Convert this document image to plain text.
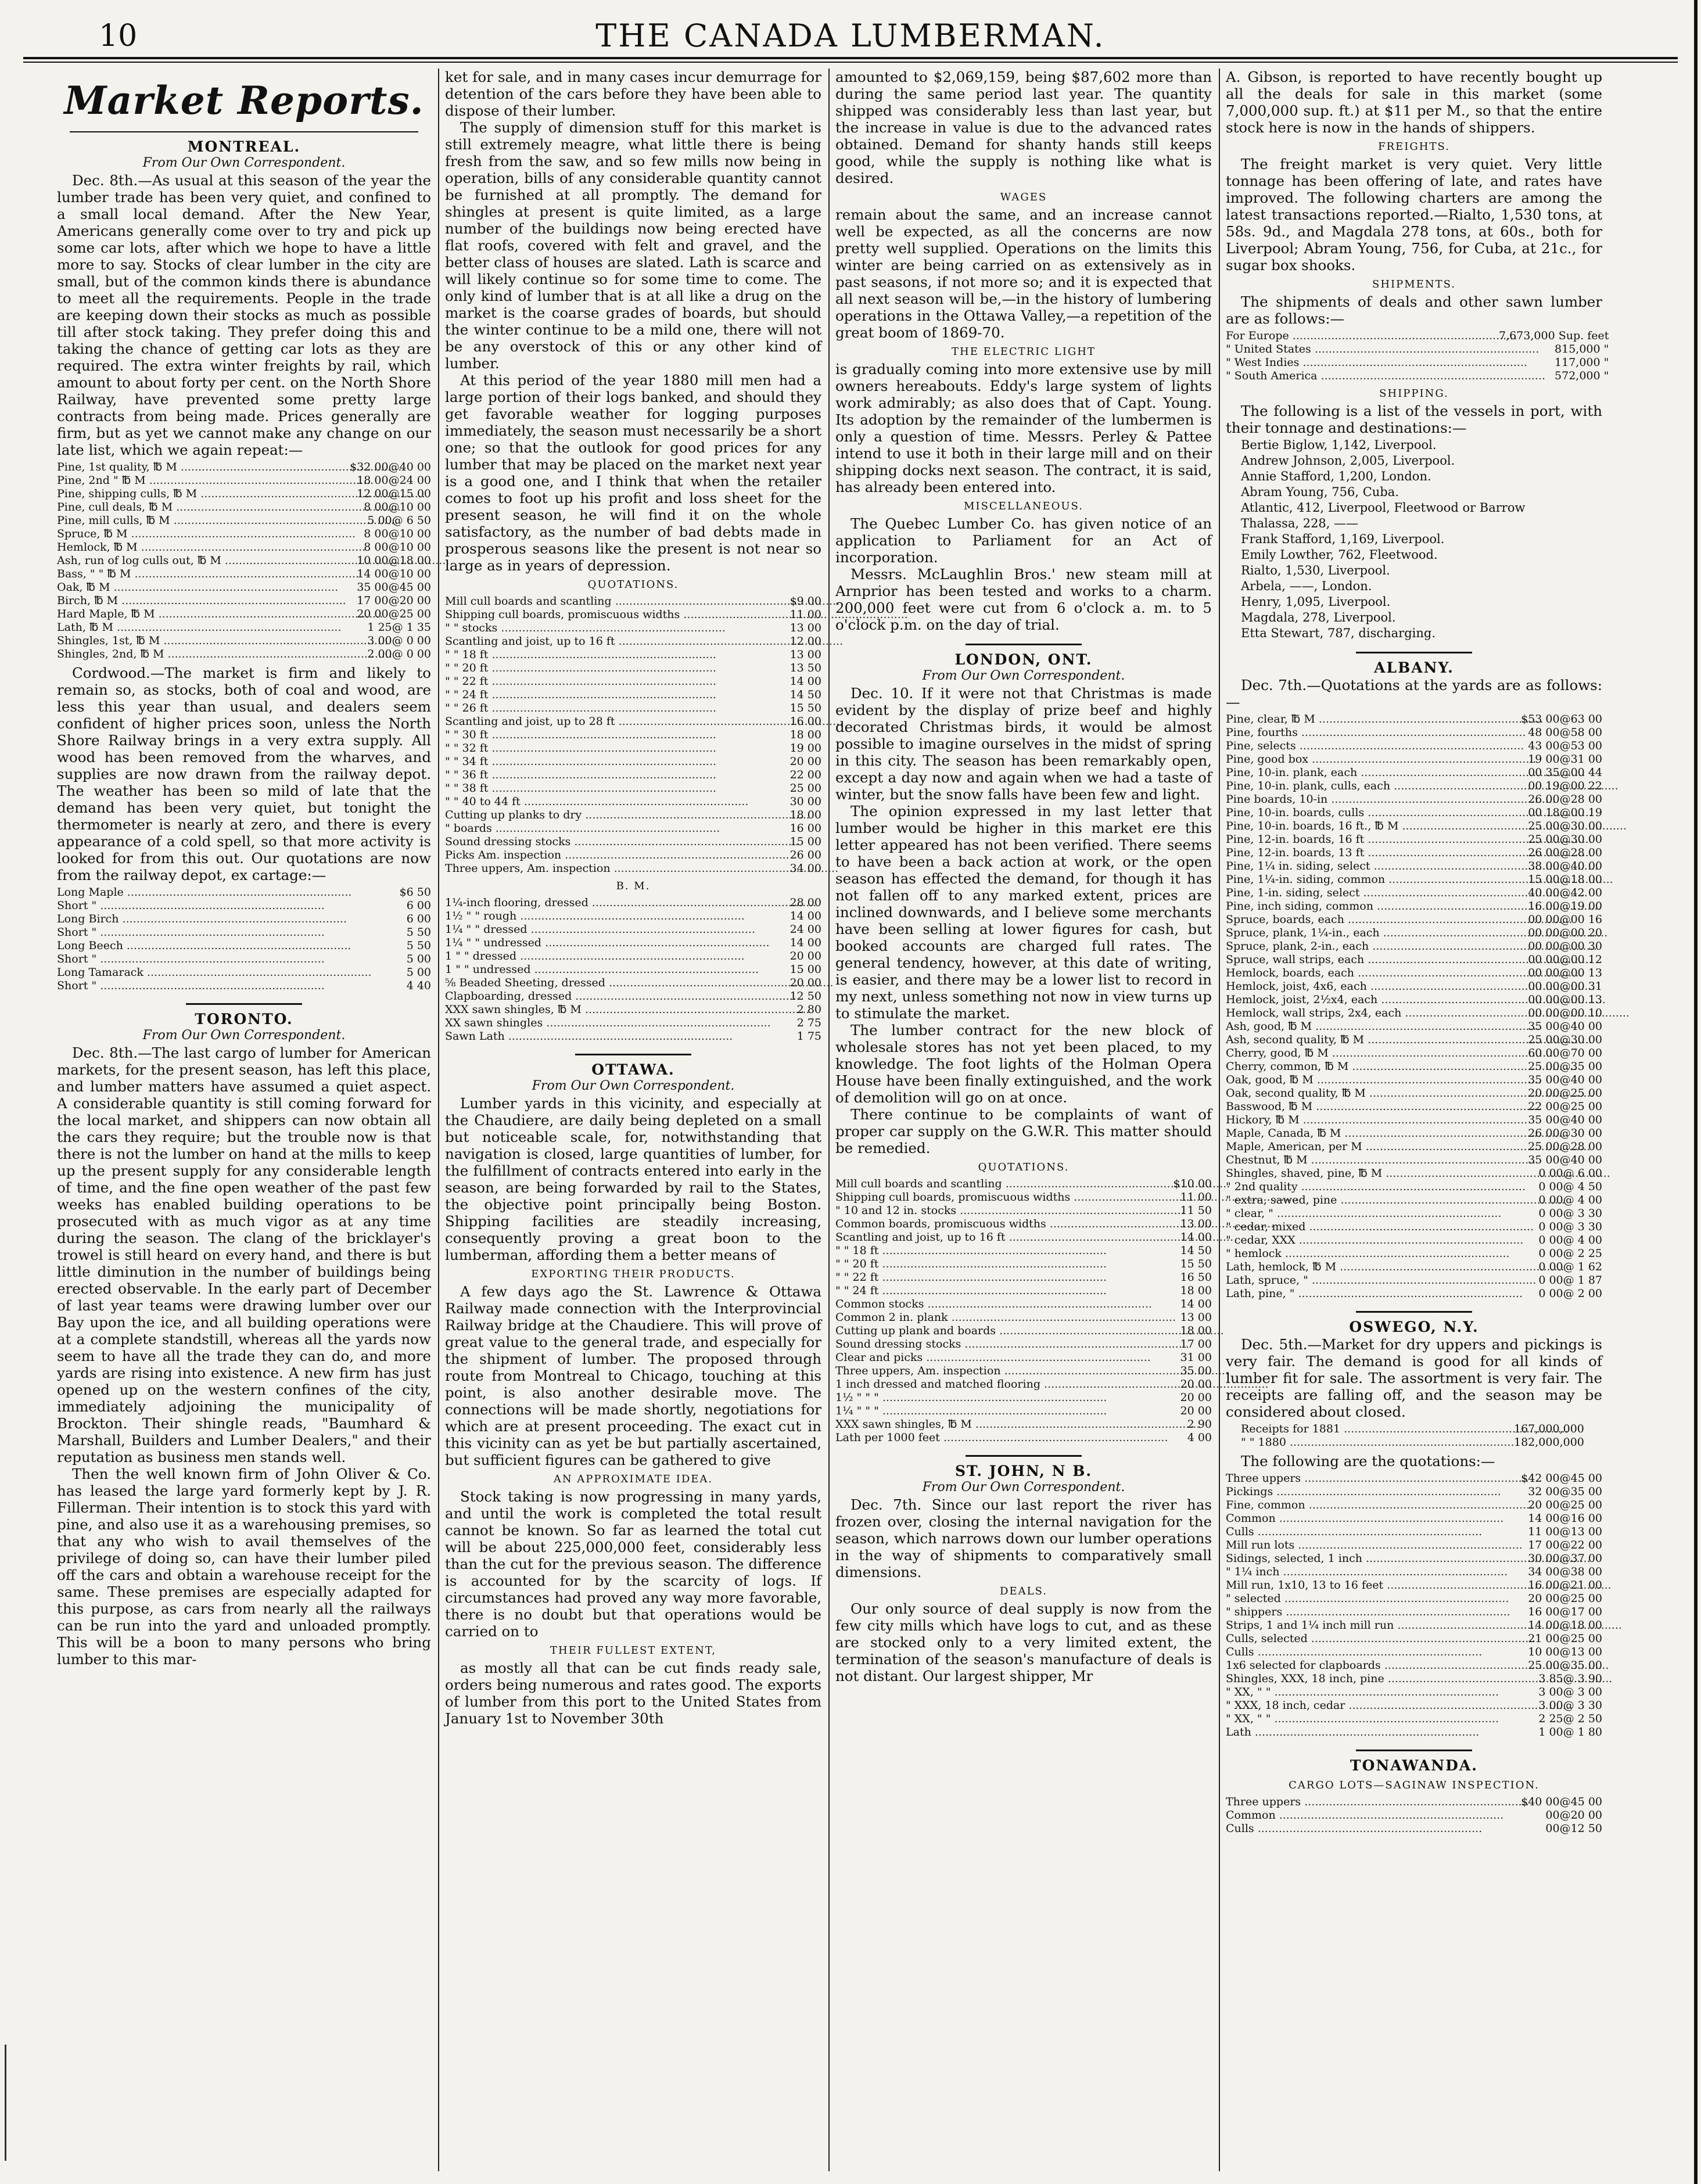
10	THE CANADA LUMBERMAN.
Market Reports.
MONTREAL.
From Our Own Correspondent.

Dec. 8th.—As usual at this season of the year the lumber trade has been very quiet, and confined to a small local demand. After the New Year, Americans generally come over to try and pick up some car lots, after which we hope to have a little more to say. Stocks of clear lumber in the city are small, but of the common kinds there is abundance to meet all the requirements. People in the trade are keeping down their stocks as much as possible till after stock taking. They prefer doing this and taking the chance of getting car lots as they are required. The extra winter freights by rail, which amount to about forty per cent. on the North Shore Railway, have prevented some pretty large contracts from being made. Prices generally are firm, but as yet we cannot make any change on our late list, which we again repeat:—

Pine, 1st quality, ℔ M .....	$32 00@40 00
Pine, 2nd " ℔ M .....	18 00@24 00
Pine, shipping culls, ℔ M .....	12 00@15 00
Pine, cull deals, ℔ M .....	8 00@10 00
Pine, mill culls, ℔ M .....	5 00@ 6 50
Spruce, ℔ M .....	8 00@10 00
Hemlock, ℔ M .....	8 00@10 00
Ash, run of log culls out, ℔ M .....	10 00@18 00
Bass, " " ℔ M .....	14 00@10 00
Oak, ℔ M .....	35 00@45 00
Birch, ℔ M .....	17 00@20 00
Hard Maple, ℔ M .....	20 00@25 00
Lath, ℔ M .....	1 25@ 1 35
Shingles, 1st, ℔ M .....	3 00@ 0 00
Shingles, 2nd, ℔ M .....	2 00@ 0 00

Cordwood.—The market is firm and likely to remain so, as stocks, both of coal and wood, are less this year than usual, and dealers seem confident of higher prices soon, unless the North Shore Railway brings in a very extra supply. All wood has been removed from the wharves, and supplies are now drawn from the railway depot. The weather has been so mild of late that the demand has been very quiet, but tonight the thermometer is nearly at zero, and there is every appearance of a cold spell, so that more activity is looked for from this out. Our quotations are now from the railway depot, ex cartage:—

Long Maple .....	$6 50
Short " .....	6 00
Long Birch .....	6 00
Short " .....	5 50
Long Beech .....	5 50
Short " .....	5 00
Long Tamarack .....	5 00
Short " .....	4 40
TORONTO.
From Our Own Correspondent.

Dec. 8th.—The last cargo of lumber for American markets, for the present season, has left this place, and lumber matters have assumed a quiet aspect. A considerable quantity is still coming forward for the local market, and shippers can now obtain all the cars they require; but the trouble now is that there is not the lumber on hand at the mills to keep up the present supply for any considerable length of time, and the fine open weather of the past few weeks has enabled building operations to be prosecuted with as much vigor as at any time during the season. The clang of the bricklayer's trowel is still heard on every hand, and there is but little diminution in the number of buildings being erected observable. In the early part of December of last year teams were drawing lumber over our Bay upon the ice, and all building operations were at a complete standstill, whereas all the yards now seem to have all the trade they can do, and more yards are rising into existence. A new firm has just opened up on the western confines of the city, immediately adjoining the municipality of Brockton. Their shingle reads, "Baumhard & Marshall, Builders and Lumber Dealers," and their reputation as business men stands well.

Then the well known firm of John Oliver & Co. has leased the large yard formerly kept by J. R. Fillerman. Their intention is to stock this yard with pine, and also use it as a warehousing premises, so that any who wish to avail themselves of the privilege of doing so, can have their lumber piled off the cars and obtain a warehouse receipt for the same. These premises are especially adapted for this purpose, as cars from nearly all the railways can be run into the yard and unloaded promptly. This will be a boon to many persons who bring lumber to this mar-

ket for sale, and in many cases incur demurrage for detention of the cars before they have been able to dispose of their lumber.

The supply of dimension stuff for this market is still extremely meagre, what little there is being fresh from the saw, and so few mills now being in operation, bills of any considerable quantity cannot be furnished at all promptly. The demand for shingles at present is quite limited, as a large number of the buildings now being erected have flat roofs, covered with felt and gravel, and the better class of houses are slated. Lath is scarce and will likely continue so for some time to come. The only kind of lumber that is at all like a drug on the market is the coarse grades of boards, but should the winter continue to be a mild one, there will not be any overstock of this or any other kind of lumber.

At this period of the year 1880 mill men had a large portion of their logs banked, and should they get favorable weather for logging purposes immediately, the season must necessarily be a short one; so that the outlook for good prices for any lumber that may be placed on the market next year is a good one, and I think that when the retailer comes to foot up his profit and loss sheet for the present season, he will find it on the whole satisfactory, as the number of bad debts made in prosperous seasons like the present is not near so large as in years of depression.

QUOTATIONS.
Mill cull boards and scantling .....	$9 00
Shipping cull boards, promiscuous widths .....	11 00
" " stocks .....	13 00
Scantling and joist, up to 16 ft .....	12 00
" " 18 ft .....	13 00
" " 20 ft .....	13 50
" " 22 ft .....	14 00
" " 24 ft .....	14 50
" " 26 ft .....	15 50
Scantling and joist, up to 28 ft .....	16 00
" " 30 ft .....	18 00
" " 32 ft .....	19 00
" " 34 ft .....	20 00
" " 36 ft .....	22 00
" " 38 ft .....	25 00
" " 40 to 44 ft .....	30 00
Cutting up planks to dry .....	18 00
" boards .....	16 00
Sound dressing stocks .....	15 00
Picks Am. inspection .....	26 00
Three uppers, Am. inspection .....	34 00
B. M.
1¼-inch flooring, dressed .....	28 00
1½ " " rough .....	14 00
1¼ " " dressed .....	24 00
1¼ " " undressed .....	14 00
1 " " dressed .....	20 00
1 " " undressed .....	15 00
⅝ Beaded Sheeting, dressed .....	20 00
Clapboarding, dressed .....	12 50
XXX sawn shingles, ℔ M .....	2 80
XX sawn shingles .....	2 75
Sawn Lath .....	1 75
OTTAWA.
From Our Own Correspondent.

Lumber yards in this vicinity, and especially at the Chaudiere, are daily being depleted on a small but noticeable scale, for, notwithstanding that navigation is closed, large quantities of lumber, for the fulfillment of contracts entered into early in the season, are being forwarded by rail to the States, the objective point principally being Boston. Shipping facilities are steadily increasing, consequently proving a great boon to the lumberman, affording them a better means of

EXPORTING THEIR PRODUCTS.

A few days ago the St. Lawrence & Ottawa Railway made connection with the Interprovincial Railway bridge at the Chaudiere. This will prove of great value to the general trade, and especially for the shipment of lumber. The proposed through route from Montreal to Chicago, touching at this point, is also another desirable move. The connections will be made shortly, negotiations for which are at present proceeding. The exact cut in this vicinity can as yet be but partially ascertained, but sufficient figures can be gathered to give

AN APPROXIMATE IDEA.

Stock taking is now progressing in many yards, and until the work is completed the total result cannot be known. So far as learned the total cut will be about 225,000,000 feet, considerably less than the cut for the previous season. The difference is accounted for by the scarcity of logs. If circumstances had proved any way more favorable, there is no doubt but that operations would be carried on to

THEIR FULLEST EXTENT,

as mostly all that can be cut finds ready sale, orders being numerous and rates good. The exports of lumber from this port to the United States from January 1st to November 30th

amounted to $2,069,159, being $87,602 more than during the same period last year. The quantity shipped was considerably less than last year, but the increase in value is due to the advanced rates obtained. Demand for shanty hands still keeps good, while the supply is nothing like what is desired.

WAGES

remain about the same, and an increase cannot well be expected, as all the concerns are now pretty well supplied. Operations on the limits this winter are being carried on as extensively as in past seasons, if not more so; and it is expected that all next season will be,—in the history of lumbering operations in the Ottawa Valley,—a repetition of the great boom of 1869-70.

THE ELECTRIC LIGHT

is gradually coming into more extensive use by mill owners hereabouts. Eddy's large system of lights work admirably; as also does that of Capt. Young. Its adoption by the remainder of the lumbermen is only a question of time. Messrs. Perley & Pattee intend to use it both in their large mill and on their shipping docks next season. The contract, it is said, has already been entered into.

MISCELLANEOUS.

The Quebec Lumber Co. has given notice of an application to Parliament for an Act of incorporation.

Messrs. McLaughlin Bros.' new steam mill at Arnprior has been tested and works to a charm. 200,000 feet were cut from 6 o'clock a. m. to 5 o'clock p.m. on the day of trial.

LONDON, ONT.
From Our Own Correspondent.

Dec. 10. If it were not that Christmas is made evident by the display of prize beef and highly decorated Christmas birds, it would be almost possible to imagine ourselves in the midst of spring in this city. The season has been remarkably open, except a day now and again when we had a taste of winter, but the snow falls have been few and light.

The opinion expressed in my last letter that lumber would be higher in this market ere this letter appeared has not been verified. There seems to have been a back action at work, or the open season has effected the demand, for though it has not fallen off to any marked extent, prices are inclined downwards, and I believe some merchants have been selling at lower figures for cash, but booked accounts are charged full rates. The general tendency, however, at this date of writing, is easier, and there may be a lower list to record in my next, unless something not now in view turns up to stimulate the market.

The lumber contract for the new block of wholesale stores has not yet been placed, to my knowledge. The foot lights of the Holman Opera House have been finally extinguished, and the work of demolition will go on at once.

There continue to be complaints of want of proper car supply on the G.W.R. This matter should be remedied.

QUOTATIONS.
Mill cull boards and scantling .....	$10 00
Shipping cull boards, promiscuous widths .....	11 00
" 10 and 12 in. stocks .....	11 50
Common boards, promiscuous widths .....	13 00
Scantling and joist, up to 16 ft .....	14 00
" " 18 ft .....	14 50
" " 20 ft .....	15 50
" " 22 ft .....	16 50
" " 24 ft .....	18 00
Common stocks .....	14 00
Common 2 in. plank .....	13 00
Cutting up plank and boards .....	18 00
Sound dressing stocks .....	17 00
Clear and picks .....	31 00
Three uppers, Am. inspection .....	35 00
1 inch dressed and matched flooring .....	20 00
1½ " " " .....	20 00
1¼ " " " .....	20 00
XXX sawn shingles, ℔ M .....	2 90
Lath per 1000 feet .....	4 00
ST. JOHN, N B.
From Our Own Correspondent.

Dec. 7th. Since our last report the river has frozen over, closing the internal navigation for the season, which narrows down our lumber operations in the way of shipments to comparatively small dimensions.

DEALS.

Our only source of deal supply is now from the few city mills which have logs to cut, and as these are stocked only to a very limited extent, the termination of the season's manufacture of deals is not distant. Our largest shipper, Mr

A. Gibson, is reported to have recently bought up all the deals for sale in this market (some 7,000,000 sup. ft.) at $11 per M., so that the entire stock here is now in the hands of shippers.

FREIGHTS.

The freight market is very quiet. Very little tonnage has been offering of late, and rates have improved. The following charters are among the latest transactions reported.—Rialto, 1,530 tons, at 58s. 9d., and Magdala 278 tons, at 60s., both for Liverpool; Abram Young, 756, for Cuba, at 21c., for sugar box shooks.

SHIPMENTS.

The shipments of deals and other sawn lumber are as follows:—

For Europe .....	7,673,000 Sup. feet
" United States .....	815,000 "
" West Indies .....	117,000 "
" South America .....	572,000 "
SHIPPING.

The following is a list of the vessels in port, with their tonnage and destinations:—

Bertie Biglow, 1,142, Liverpool.
Andrew Johnson, 2,005, Liverpool.
Annie Stafford, 1,200, London.
Abram Young, 756, Cuba.
Atlantic, 412, Liverpool, Fleetwood or Barrow
Thalassa, 228, ——
Frank Stafford, 1,169, Liverpool.
Emily Lowther, 762, Fleetwood.
Rialto, 1,530, Liverpool.
Arbela, ——, London.
Henry, 1,095, Liverpool.
Magdala, 278, Liverpool.
Etta Stewart, 787, discharging.
ALBANY.

Dec. 7th.—Quotations at the yards are as follows:—

Pine, clear, ℔ M .....	$53 00@63 00
Pine, fourths .....	48 00@58 00
Pine, selects .....	43 00@53 00
Pine, good box .....	19 00@31 00
Pine, 10-in. plank, each .....	00 35@00 44
Pine, 10-in. plank, culls, each .....	00 19@00 22
Pine boards, 10-in .....	26 00@28 00
Pine, 10-in. boards, culls .....	00 18@00 19
Pine, 10-in. boards, 16 ft., ℔ M .....	25 00@30 00
Pine, 12-in. boards, 16 ft .....	25 00@30 00
Pine, 12-in. boards, 13 ft .....	26 00@28 00
Pine, 1¼ in. siding, select .....	38 00@40 00
Pine, 1¼-in. siding, common .....	15 00@18 00
Pine, 1-in. siding, select .....	40 00@42 00
Pine, inch siding, common .....	16 00@19 00
Spruce, boards, each .....	00 00@00 16
Spruce, plank, 1¼-in., each .....	00 00@00 20
Spruce, plank, 2-in., each .....	00 00@00 30
Spruce, wall strips, each .....	00 00@00 12
Hemlock, boards, each .....	00 00@00 13
Hemlock, joist, 4x6, each .....	00 00@00 31
Hemlock, joist, 2½x4, each .....	00 00@00 13
Hemlock, wall strips, 2x4, each .....	00 00@00 10
Ash, good, ℔ M .....	35 00@40 00
Ash, second quality, ℔ M .....	25 00@30 00
Cherry, good, ℔ M .....	60 00@70 00
Cherry, common, ℔ M .....	25 00@35 00
Oak, good, ℔ M .....	35 00@40 00
Oak, second quality, ℔ M .....	20 00@25 00
Basswood, ℔ M .....	22 00@25 00
Hickory, ℔ M .....	35 00@40 00
Maple, Canada, ℔ M .....	26 00@30 00
Maple, American, per M .....	25 00@28 00
Chestnut, ℔ M .....	35 00@40 00
Shingles, shaved, pine, ℔ M .....	0 00@ 6 00
" 2nd quality .....	0 00@ 4 50
" extra, sawed, pine .....	0 00@ 4 00
" clear, " .....	0 00@ 3 30
" cedar, mixed .....	0 00@ 3 30
" cedar, XXX .....	0 00@ 4 00
" hemlock .....	0 00@ 2 25
Lath, hemlock, ℔ M .....	0 00@ 1 62
Lath, spruce, " .....	0 00@ 1 87
Lath, pine, " .....	0 00@ 2 00
OSWEGO, N.Y.

Dec. 5th.—Market for dry uppers and pickings is very fair. The demand is good for all kinds of lumber fit for sale. The assortment is very fair. The receipts are falling off, and the season may be considered about closed.

Receipts for 1881 .....	167,000,000
" " 1880 .....	182,000,000

The following are the quotations:—

Three uppers .....	$42 00@45 00
Pickings .....	32 00@35 00
Fine, common .....	20 00@25 00
Common .....	14 00@16 00
Culls .....	11 00@13 00
Mill run lots .....	17 00@22 00
Sidings, selected, 1 inch .....	30 00@37 00
" 1¼ inch .....	34 00@38 00
Mill run, 1x10, 13 to 16 feet .....	16 00@21 00
" selected .....	20 00@25 00
" shippers .....	16 00@17 00
Strips, 1 and 1¼ inch mill run .....	14 00@18 00
Culls, selected .....	21 00@25 00
Culls .....	10 00@13 00
1x6 selected for clapboards .....	25 00@35 00
Shingles, XXX, 18 inch, pine .....	3 85@ 3 90
" XX, " " .....	3 00@ 3 00
" XXX, 18 inch, cedar .....	3 00@ 3 30
" XX, " " .....	2 25@ 2 50
Lath .....	1 00@ 1 80
TONAWANDA.
CARGO LOTS—SAGINAW INSPECTION.
Three uppers .....	$40 00@45 00
Common .....	00@20 00
Culls .....	00@12 50
